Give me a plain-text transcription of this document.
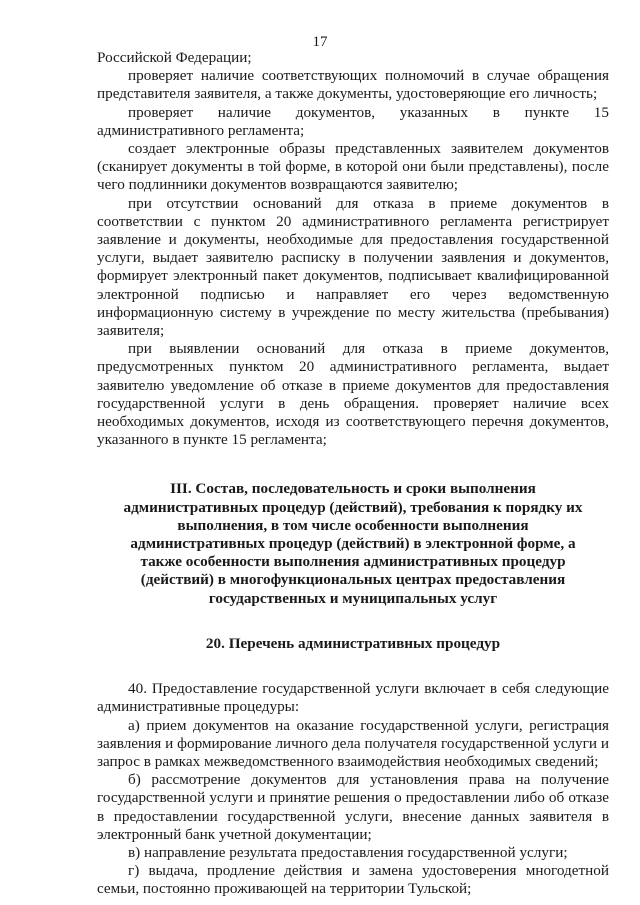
17

Российской Федерации;

проверяет наличие соответствующих полномочий в случае обращения представителя заявителя, а также документы, удостоверяющие его личность;

проверяет наличие документов, указанных в пункте 15 административного регламента;

создает электронные образы представленных заявителем документов (сканирует документы в той форме, в которой они были представлены), после чего подлинники документов возвращаются заявителю;

при отсутствии оснований для отказа в приеме документов в соответствии с пунктом 20 административного регламента регистрирует заявление и документы, необходимые для предоставления государственной услуги, выдает заявителю расписку в получении заявления и документов, формирует электронный пакет документов, подписывает квалифицированной электронной подписью и направляет его через ведомственную информационную систему в учреждение по месту жительства (пребывания) заявителя;

при выявлении оснований для отказа в приеме документов, предусмотренных пунктом 20 административного регламента, выдает заявителю уведомление об отказе в приеме документов для предоставления государственной услуги в день обращения. проверяет наличие всех необходимых документов, исходя из соответствующего перечня документов, указанного в пункте 15 регламента;

III. Состав, последовательность и сроки выполнения административных процедур (действий), требования к порядку их выполнения, в том числе особенности выполнения административных процедур (действий) в электронной форме, а также особенности выполнения административных процедур (действий) в многофункциональных центрах предоставления государственных и муниципальных услуг
20. Перечень административных процедур

40. Предоставление государственной услуги включает в себя следующие административные процедуры:

а) прием документов на оказание государственной услуги, регистрация заявления и формирование личного дела получателя государственной услуги и запрос в рамках межведомственного взаимодействия необходимых сведений;

б) рассмотрение документов для установления права на получение государственной услуги и принятие решения о предоставлении либо об отказе в предоставлении государственной услуги, внесение данных заявителя в электронный банк учетной документации;

в) направление результата предоставления государственной услуги;

г) выдача, продление действия и замена удостоверения многодетной семьи, постоянно проживающей на территории Тульской;
